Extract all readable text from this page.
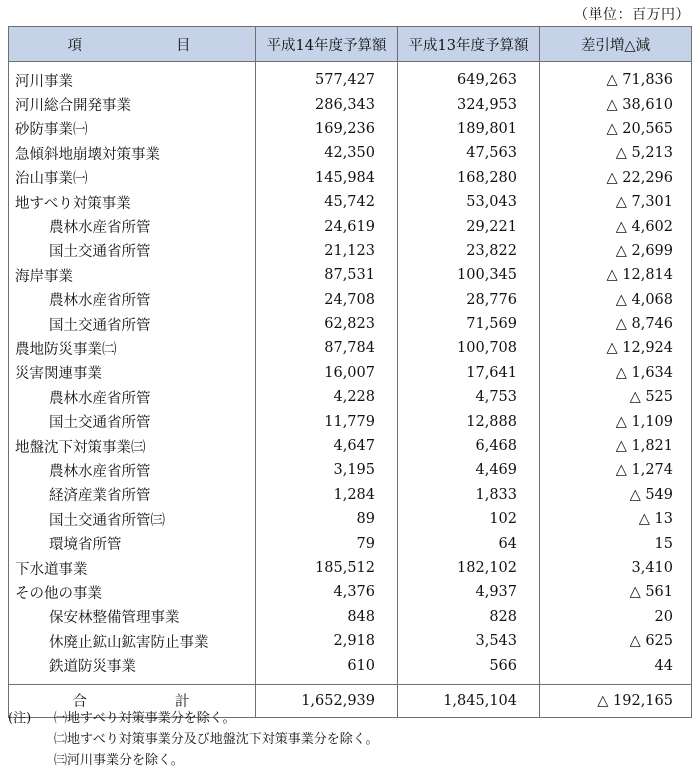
（単位：百万円）
項 目	平成14年度予算額	平成13年度予算額	差引増△減
河川事業	577,427	649,263	△ 71,836
河川総合開発事業	286,343	324,953	△ 38,610
砂防事業㈠	169,236	189,801	△ 20,565
急傾斜地崩壊対策事業	42,350	47,563	△ 5,213
治山事業㈠	145,984	168,280	△ 22,296
地すべり対策事業	45,742	53,043	△ 7,301
農林水産省所管	24,619	29,221	△ 4,602
国土交通省所管	21,123	23,822	△ 2,699
海岸事業	87,531	100,345	△ 12,814
農林水産省所管	24,708	28,776	△ 4,068
国土交通省所管	62,823	71,569	△ 8,746
農地防災事業㈡	87,784	100,708	△ 12,924
災害関連事業	16,007	17,641	△ 1,634
農林水産省所管	4,228	4,753	△ 525
国土交通省所管	11,779	12,888	△ 1,109
地盤沈下対策事業㈢	4,647	6,468	△ 1,821
農林水産省所管	3,195	4,469	△ 1,274
経済産業省所管	1,284	1,833	△ 549
国土交通省所管㈢	89	102	△ 13
環境省所管	79	64	15
下水道事業	185,512	182,102	3,410
その他の事業	4,376	4,937	△ 561
保安林整備管理事業	848	828	20
休廃止鉱山鉱害防止事業	2,918	3,543	△ 625
鉄道防災事業	610	566	44
合 計	1,652,939	1,845,104	△ 192,165
(注) ㈠地すべり対策事業分を除く。
㈡地すべり対策事業分及び地盤沈下対策事業分を除く。
㈢河川事業分を除く。
